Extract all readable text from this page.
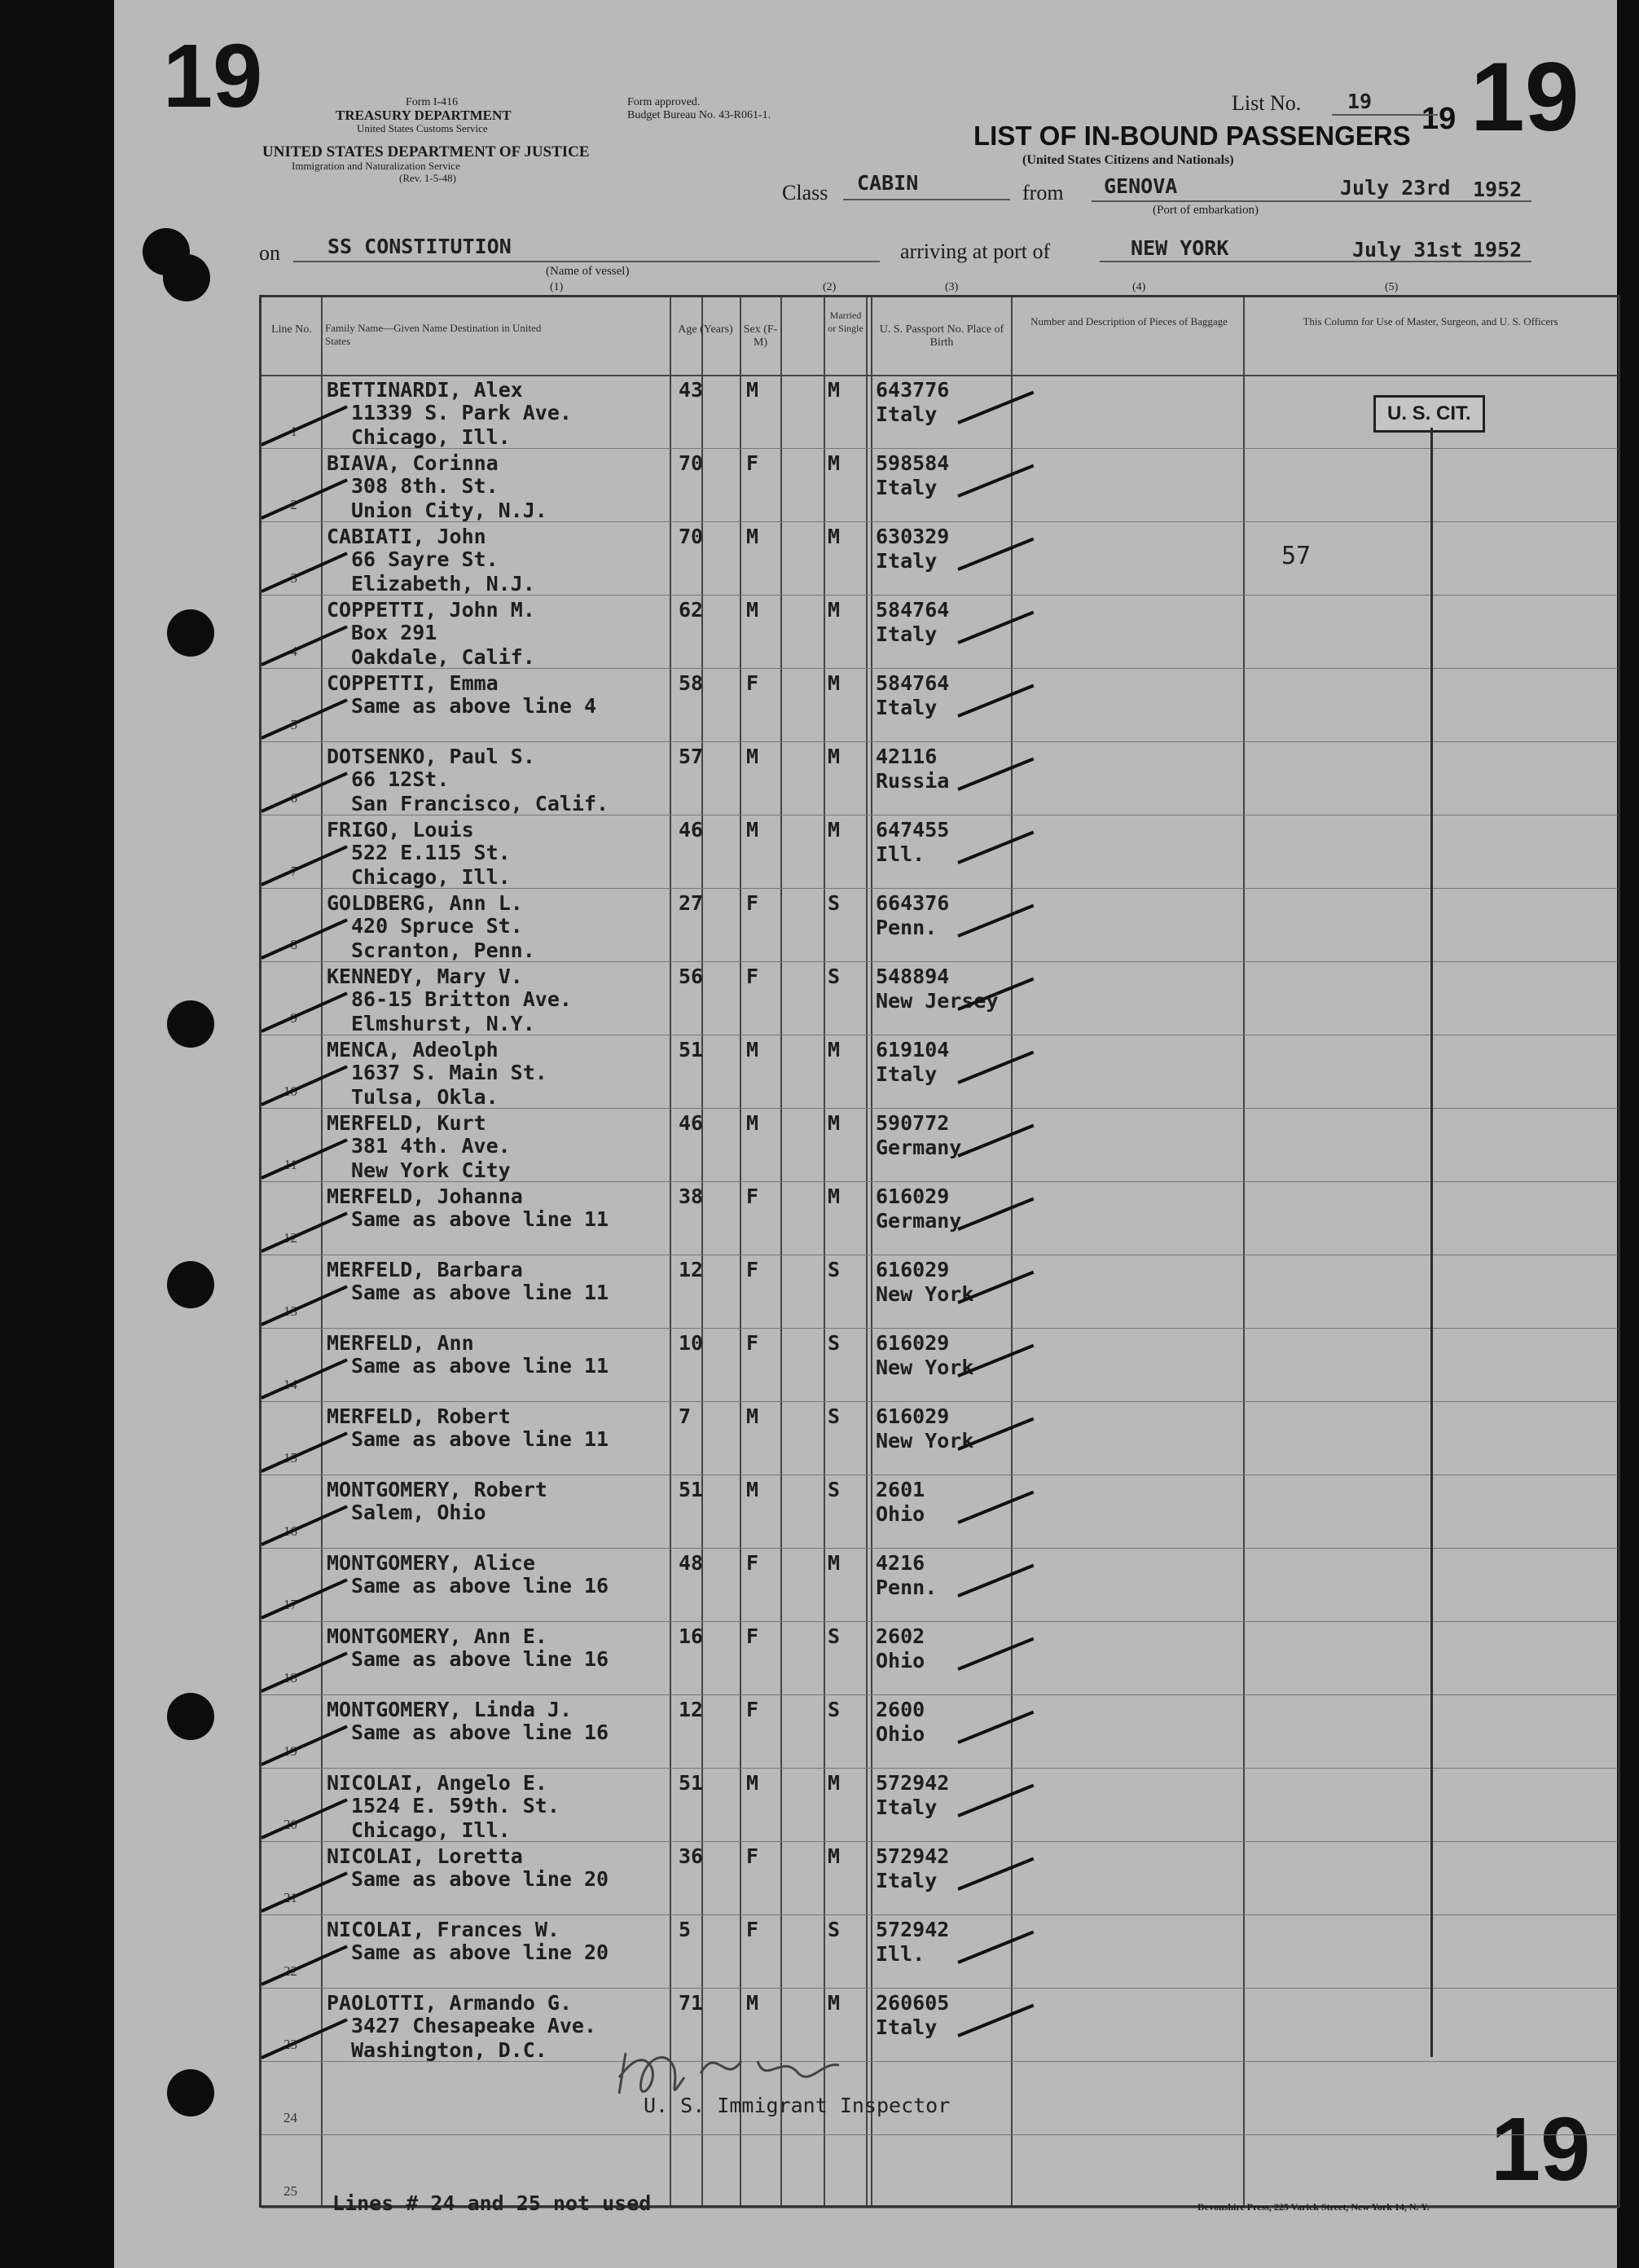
19	19
19
Form I-416
TREASURY DEPARTMENT
United States Customs Service
UNITED STATES DEPARTMENT OF JUSTICE
Immigration and Naturalization Service
(Rev. 1-5-48)
Form approved.
Budget Bureau No. 43-R061-1.
List No. 19
19
LIST OF IN-BOUND PASSENGERS
(United States Citizens and Nationals)
Class CABIN	from GENOVA	July 23rd 1952
(Port of embarkation)
on SS CONSTITUTION
(Name of vessel)
arriving at port of	NEW YORK	July 31st 1952
(1)	(2)	(3)	(4)	(5)
Line No.	Family Name—Given Name Destination in United States
Age (Years) Sex (F-M)
Married or Single	U. S. Passport No. Place of Birth
Number and Description of Pieces of Baggage	This Column for Use of Master, Surgeon, and U. S. Officers
1
BETTINARDI, Alex
11339 S. Park Ave.
Chicago, Ill.
43 M	M 643776
Italy
2
BIAVA, Corinna
308 8th. St.
Union City, N.J.
70 F	M 598584
Italy
3
CABIATI, John
66 Sayre St.
Elizabeth, N.J.
70 M	M 630329
Italy
4
COPPETTI, John M.
Box 291
Oakdale, Calif.
62 M	M 584764
Italy
5
COPPETTI, Emma
Same as above line 4
58 F	M 584764
Italy
6
DOTSENKO, Paul S.
66 12St.
San Francisco, Calif.
57 M	M 42116
Russia
7
FRIGO, Louis
522 E.115 St.
Chicago, Ill.
46 M	M 647455
Ill.
8
GOLDBERG, Ann L.
420 Spruce St.
Scranton, Penn.
27 F	S 664376
Penn.
9
KENNEDY, Mary V.
86-15 Britton Ave.
Elmshurst, N.Y.
56 F	S 548894
New Jersey
10
MENCA, Adeolph
1637 S. Main St.
Tulsa, Okla.
51 M	M 619104
Italy
11
MERFELD, Kurt
381 4th. Ave.
New York City
46 M	M 590772
Germany
12
MERFELD, Johanna
Same as above line 11
38 F	M 616029
Germany
13
MERFELD, Barbara
Same as above line 11
12 F	S 616029
New York
14
MERFELD, Ann
Same as above line 11
10 F	S 616029
New York
15
MERFELD, Robert
Same as above line 11
7	M	S 616029
New York
16
MONTGOMERY, Robert
Salem, Ohio
51 M	S 2601
Ohio
17
MONTGOMERY, Alice
Same as above line 16
48 F	M 4216
Penn.
18
MONTGOMERY, Ann E.
Same as above line 16
16 F	S 2602
Ohio
19
MONTGOMERY, Linda J.
Same as above line 16
12 F	S 2600
Ohio
20
NICOLAI, Angelo E.
1524 E. 59th. St.
Chicago, Ill.
51 M	M 572942
Italy
21
NICOLAI, Loretta
Same as above line 20
36 F	M 572942
Italy
22
NICOLAI, Frances W.
Same as above line 20
5	F	S 572942
Ill.
23
PAOLOTTI, Armando G.
3427 Chesapeake Ave.
Washington, D.C.
71 M	M 260605
Italy
24
25
U. S. CIT.
57
U. S. Immigrant Inspector
Lines # 24 and 25 not used	Devonshire Press, 225 Varick Street, New York 14, N. Y.
